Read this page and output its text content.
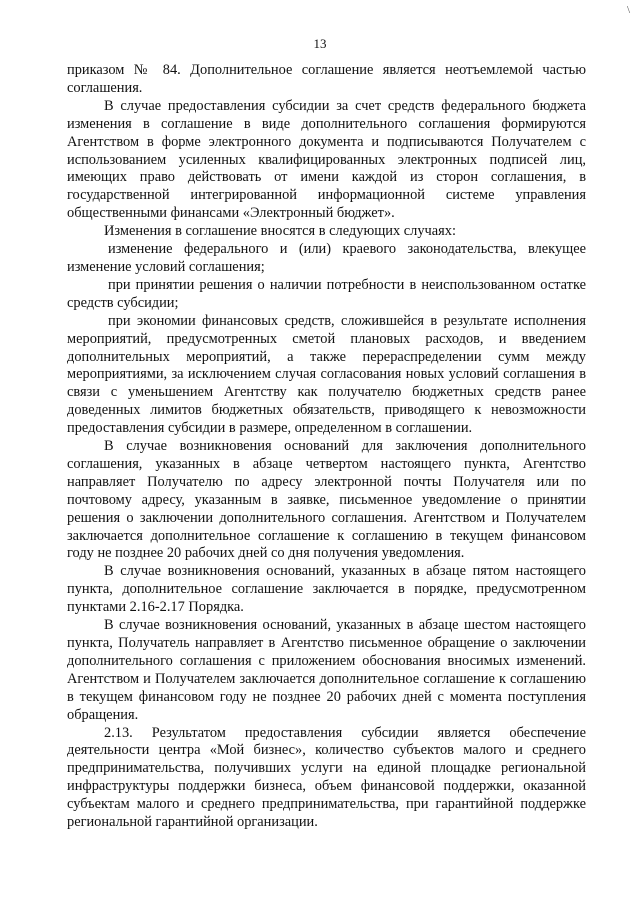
\
13

приказом № 84. Дополнительное соглашение является неотъемлемой частью соглашения.

В случае предоставления субсидии за счет средств федерального бюджета изменения в соглашение в виде дополнительного соглашения формируются Агентством в форме электронного документа и подписываются Получателем с использованием усиленных квалифицированных электронных подписей лиц, имеющих право действовать от имени каждой из сторон соглашения, в государственной интегрированной информационной системе управления общественными финансами «Электронный бюджет».

Изменения в соглашение вносятся в следующих случаях:

изменение федерального и (или) краевого законодательства, влекущее изменение условий соглашения;

при принятии решения о наличии потребности в неиспользованном остатке средств субсидии;

при экономии финансовых средств, сложившейся в результате исполнения мероприятий, предусмотренных сметой плановых расходов, и введением дополнительных мероприятий, а также перераспределении сумм между мероприятиями, за исключением случая согласования новых условий соглашения в связи с уменьшением Агентству как получателю бюджетных средств ранее доведенных лимитов бюджетных обязательств, приводящего к невозможности предоставления субсидии в размере, определенном в соглашении.

В случае возникновения оснований для заключения дополнительного соглашения, указанных в абзаце четвертом настоящего пункта, Агентство направляет Получателю по адресу электронной почты Получателя или по почтовому адресу, указанным в заявке, письменное уведомление о принятии решения о заключении дополнительного соглашения. Агентством и Получателем заключается дополнительное соглашение к соглашению в текущем финансовом году не позднее 20 рабочих дней со дня получения уведомления.

В случае возникновения оснований, указанных в абзаце пятом настоящего пункта, дополнительное соглашение заключается в порядке, предусмотренном пунктами 2.16-2.17 Порядка.

В случае возникновения оснований, указанных в абзаце шестом настоящего пункта, Получатель направляет в Агентство письменное обращение о заключении дополнительного соглашения с приложением обоснования вносимых изменений. Агентством и Получателем заключается дополнительное соглашение к соглашению в текущем финансовом году не позднее 20 рабочих дней с момента поступления обращения.

2.13. Результатом предоставления субсидии является обеспечение деятельности центра «Мой бизнес», количество субъектов малого и среднего предпринимательства, получивших услуги на единой площадке региональной инфраструктуры поддержки бизнеса, объем финансовой поддержки, оказанной субъектам малого и среднего предпринимательства, при гарантийной поддержке региональной гарантийной организации.
